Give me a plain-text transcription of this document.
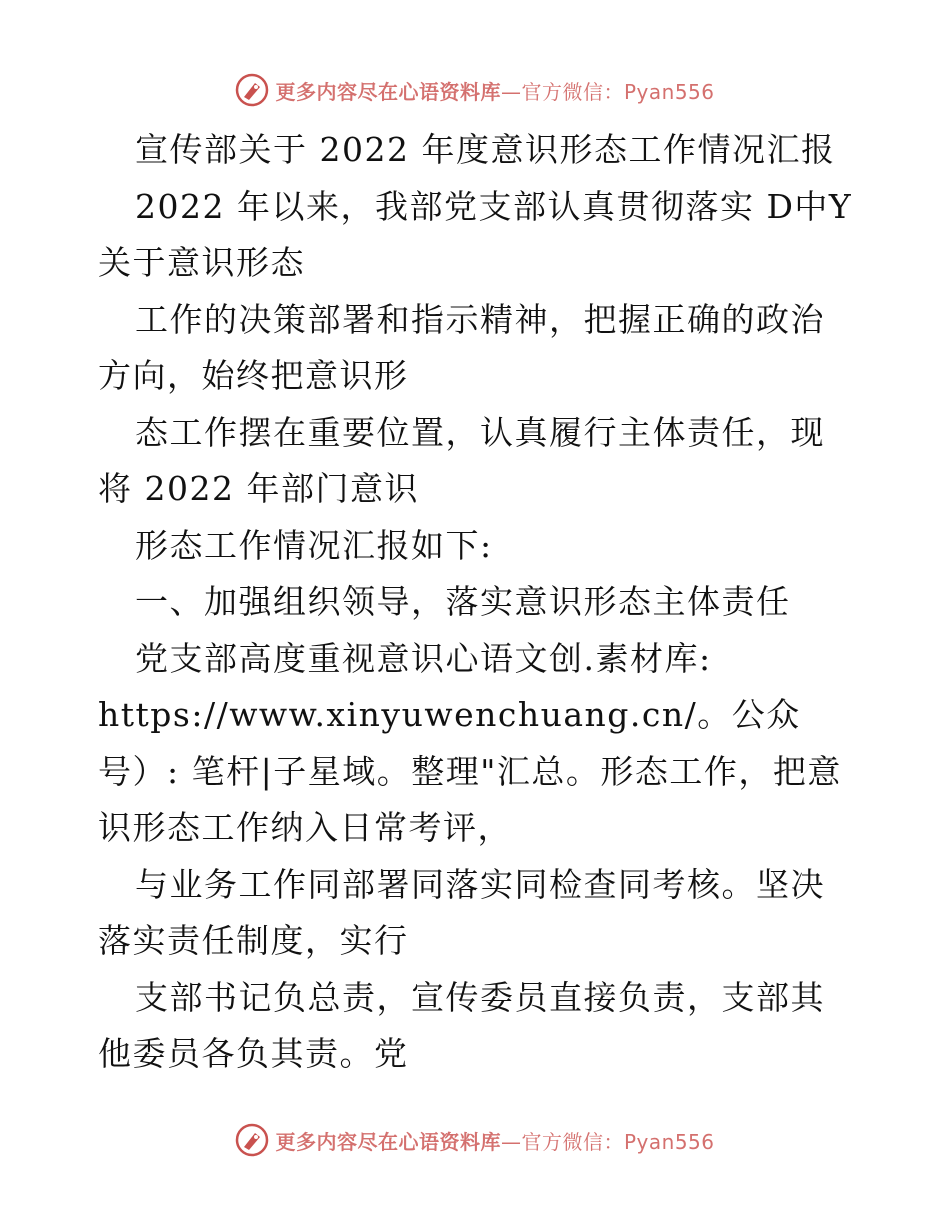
更多内容尽在心语资料库—官方微信：Pyan556

宣传部关于 2022 年度意识形态工作情况汇报

2022 年以来，我部党支部认真贯彻落实 D中Y

关于意识形态

工作的决策部署和指示精神，把握正确的政治方向，始终把意识形

态工作摆在重要位置，认真履行主体责任，现将 2022 年部门意识

形态工作情况汇报如下:

一、加强组织领导，落实意识形态主体责任

党支部高度重视意识心语文创.素材库:

https://www.xinyuwenchuang.cn/。公众号）: 笔杆|子星域。整理"汇总。形态工作，把意识形态工作纳入日常考评，

与业务工作同部署同落实同检查同考核。坚决落实责任制度，实行

支部书记负总责，宣传委员直接负责，支部其他委员各负其责。党

更多内容尽在心语资料库—官方微信：Pyan556
